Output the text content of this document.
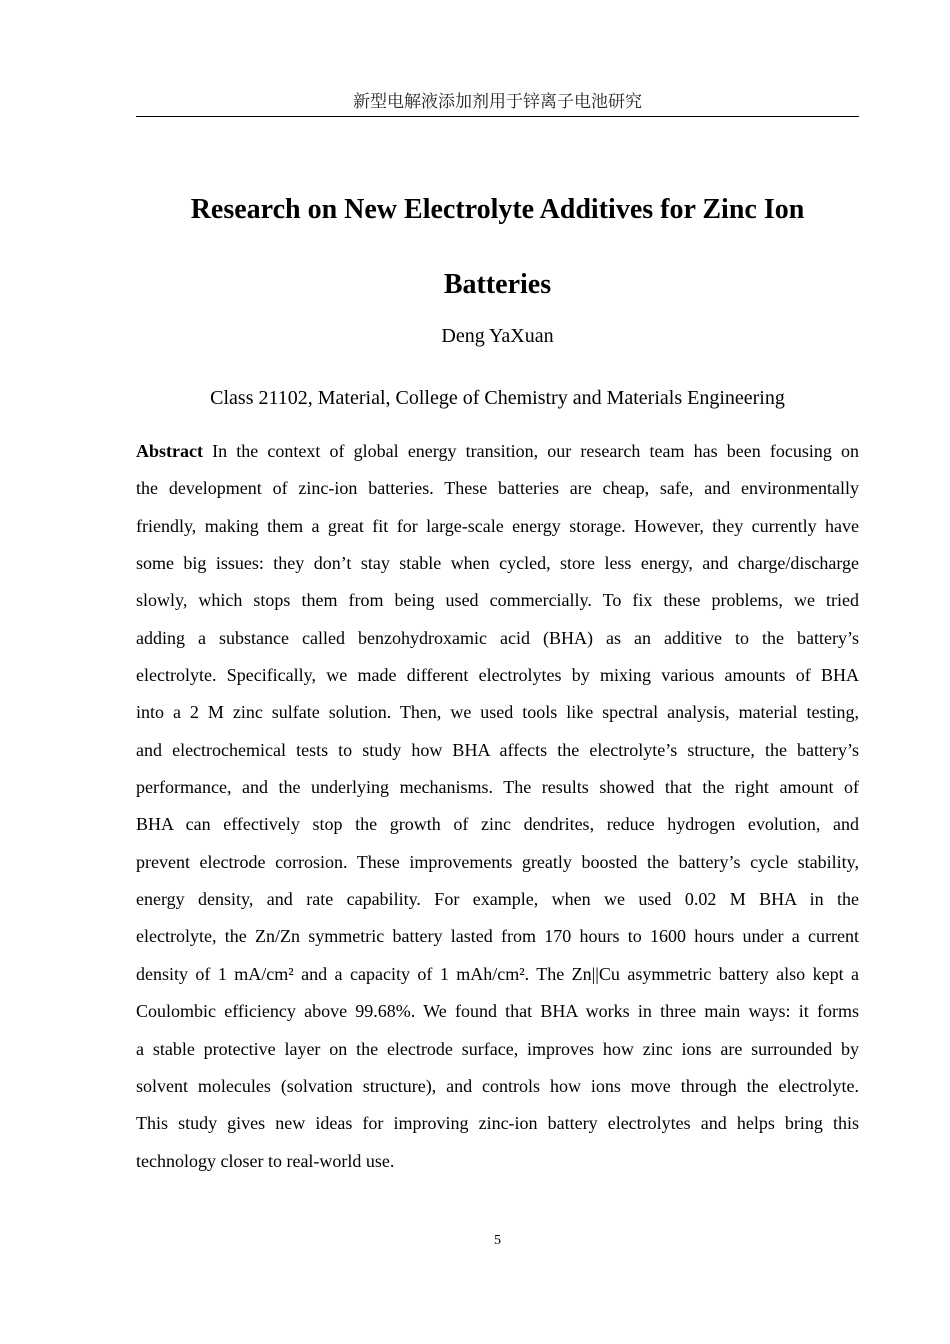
新型电解液添加剂用于锌离子电池研究
Research on New Electrolyte Additives for Zinc Ion
Batteries
Deng YaXuan
Class 21102, Material, College of Chemistry and Materials Engineering
Abstract In the context of global energy transition, our research team has been focusing on
the development of zinc-ion batteries. These batteries are cheap, safe, and environmentally
friendly, making them a great fit for large-scale energy storage. However, they currently have
some big issues: they don’t stay stable when cycled, store less energy, and charge/discharge
slowly, which stops them from being used commercially. To fix these problems, we tried
adding a substance called benzohydroxamic acid (BHA) as an additive to the battery’s
electrolyte. Specifically, we made different electrolytes by mixing various amounts of BHA
into a 2 M zinc sulfate solution. Then, we used tools like spectral analysis, material testing,
and electrochemical tests to study how BHA affects the electrolyte’s structure, the battery’s
performance, and the underlying mechanisms. The results showed that the right amount of
BHA can effectively stop the growth of zinc dendrites, reduce hydrogen evolution, and
prevent electrode corrosion. These improvements greatly boosted the battery’s cycle stability,
energy density, and rate capability. For example, when we used 0.02 M BHA in the
electrolyte, the Zn/Zn symmetric battery lasted from 170 hours to 1600 hours under a current
density of 1 mA/cm² and a capacity of 1 mAh/cm². The Zn||Cu asymmetric battery also kept a
Coulombic efficiency above 99.68%. We found that BHA works in three main ways: it forms
a stable protective layer on the electrode surface, improves how zinc ions are surrounded by
solvent molecules (solvation structure), and controls how ions move through the electrolyte.
This study gives new ideas for improving zinc-ion battery electrolytes and helps bring this
technology closer to real-world use.
5
